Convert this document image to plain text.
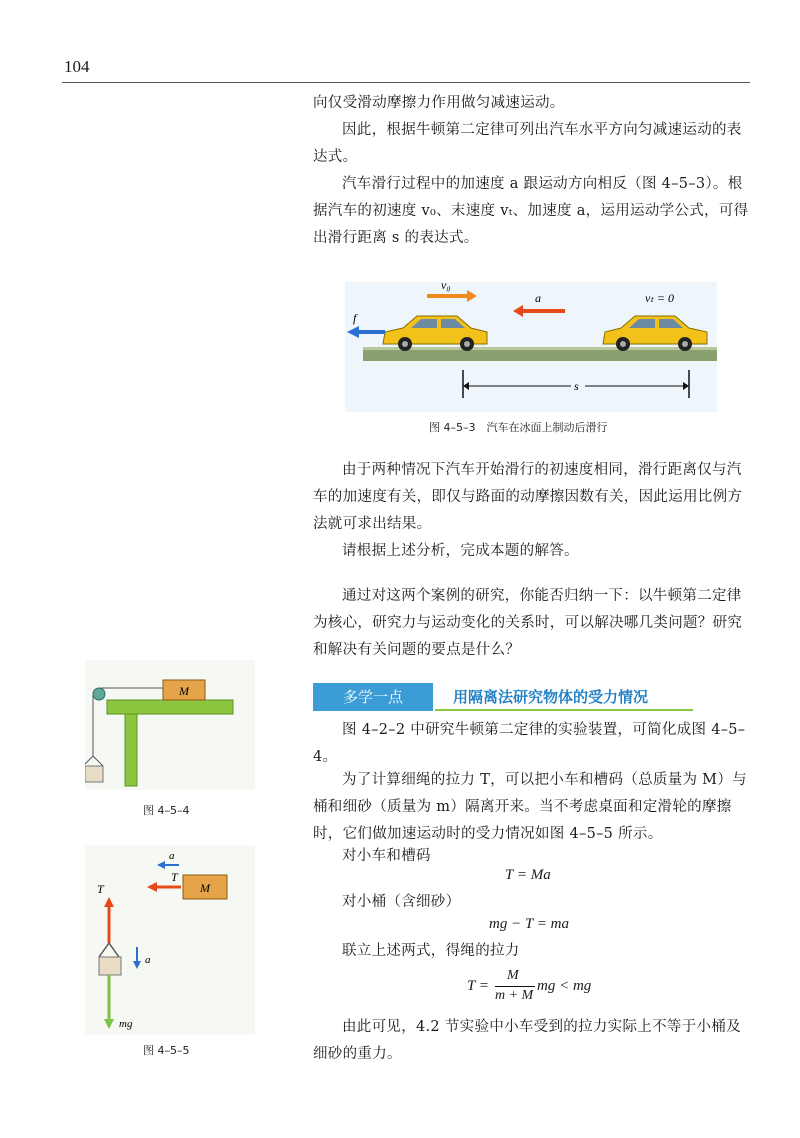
104
向仅受滑动摩擦力作用做匀减速运动。
因此，根据牛顿第二定律可列出汽车水平方向匀减速运动的表达式。
汽车滑行过程中的加速度 a 跟运动方向相反（图 4–5–3）。根据汽车的初速度 v₀、末速度 vₜ、加速度 a，运用运动学公式，可得出滑行距离 s 的表达式。
v₀
a	vₜ = 0
f
s
图 4–5–3　汽车在冰面上制动后滑行
由于两种情况下汽车开始滑行的初速度相同，滑行距离仅与汽车的加速度有关，即仅与路面的动摩擦因数有关，因此运用比例方法就可求出结果。
请根据上述分析，完成本题的解答。
通过对这两个案例的研究，你能否归纳一下：以牛顿第二定律为核心，研究力与运动变化的关系时，可以解决哪几类问题？研究和解决有关问题的要点是什么？
多学一点	用隔离法研究物体的受力情况
图 4–2–2 中研究牛顿第二定律的实验装置，可简化成图 4–5–4。
为了计算细绳的拉力 T，可以把小车和槽码（总质量为 M）与桶和细砂（质量为 m）隔离开来。当不考虑桌面和定滑轮的摩擦时，它们做加速运动时的受力情况如图 4–5–5 所示。
对小车和槽码
T = Ma
对小桶（含细砂）
mg − T = ma
联立上述两式，得绳的拉力
T =
M
m + M
mg < mg
由此可见，4.2 节实验中小车受到的拉力实际上不等于小桶及细砂的重力。
M
图 4–5–4
a
T
M
T
a
mg
图 4–5–5
